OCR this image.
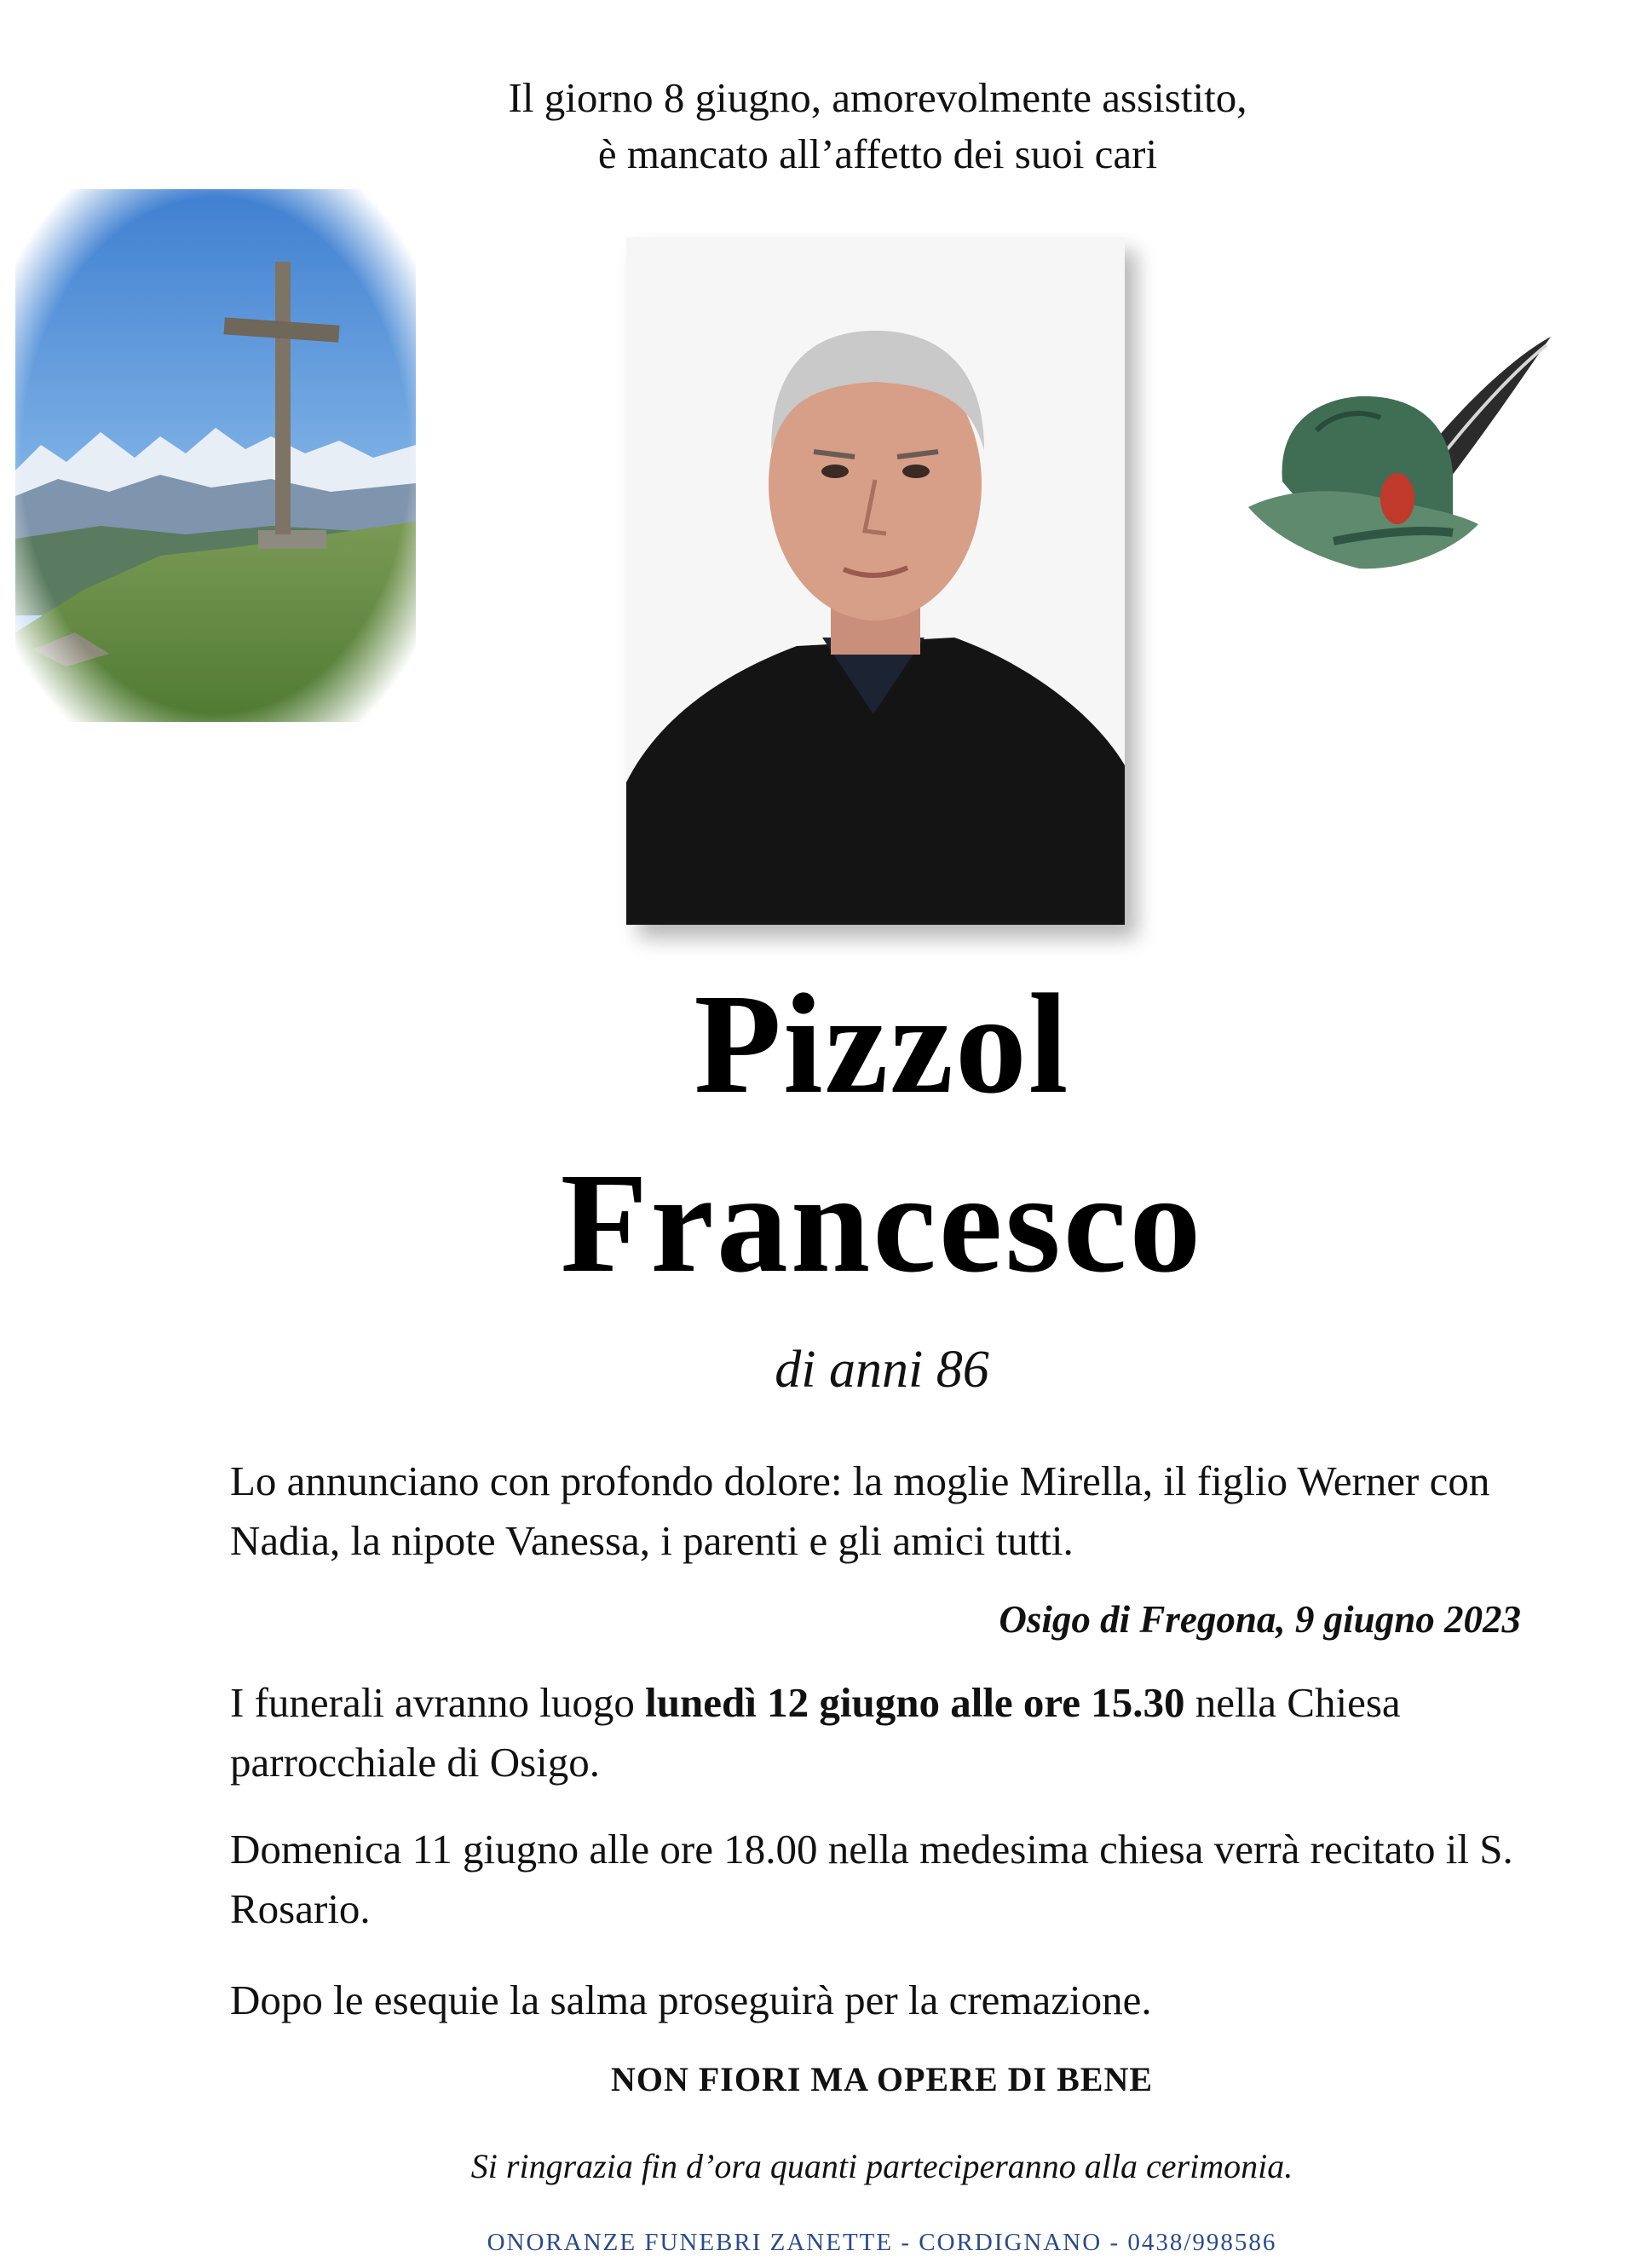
Il giorno 8 giugno, amorevolmente assistito,
è mancato all’affetto dei suoi cari
Pizzol
Francesco
di anni 86
Lo annunciano con profondo dolore: la moglie Mirella, il figlio Werner con Nadia, la nipote Vanessa, i parenti e gli amici tutti.
Osigo di Fregona, 9 giugno 2023
I funerali avranno luogo lunedì 12 giugno alle ore 15.30 nella Chiesa parrocchiale di Osigo.
Domenica 11 giugno alle ore 18.00 nella medesima chiesa verrà recitato il S. Rosario.
Dopo le esequie la salma proseguirà per la cremazione.
NON FIORI MA OPERE DI BENE
Si ringrazia fin d’ora quanti parteciperanno alla cerimonia.
ONORANZE FUNEBRI ZANETTE - CORDIGNANO - 0438/998586
